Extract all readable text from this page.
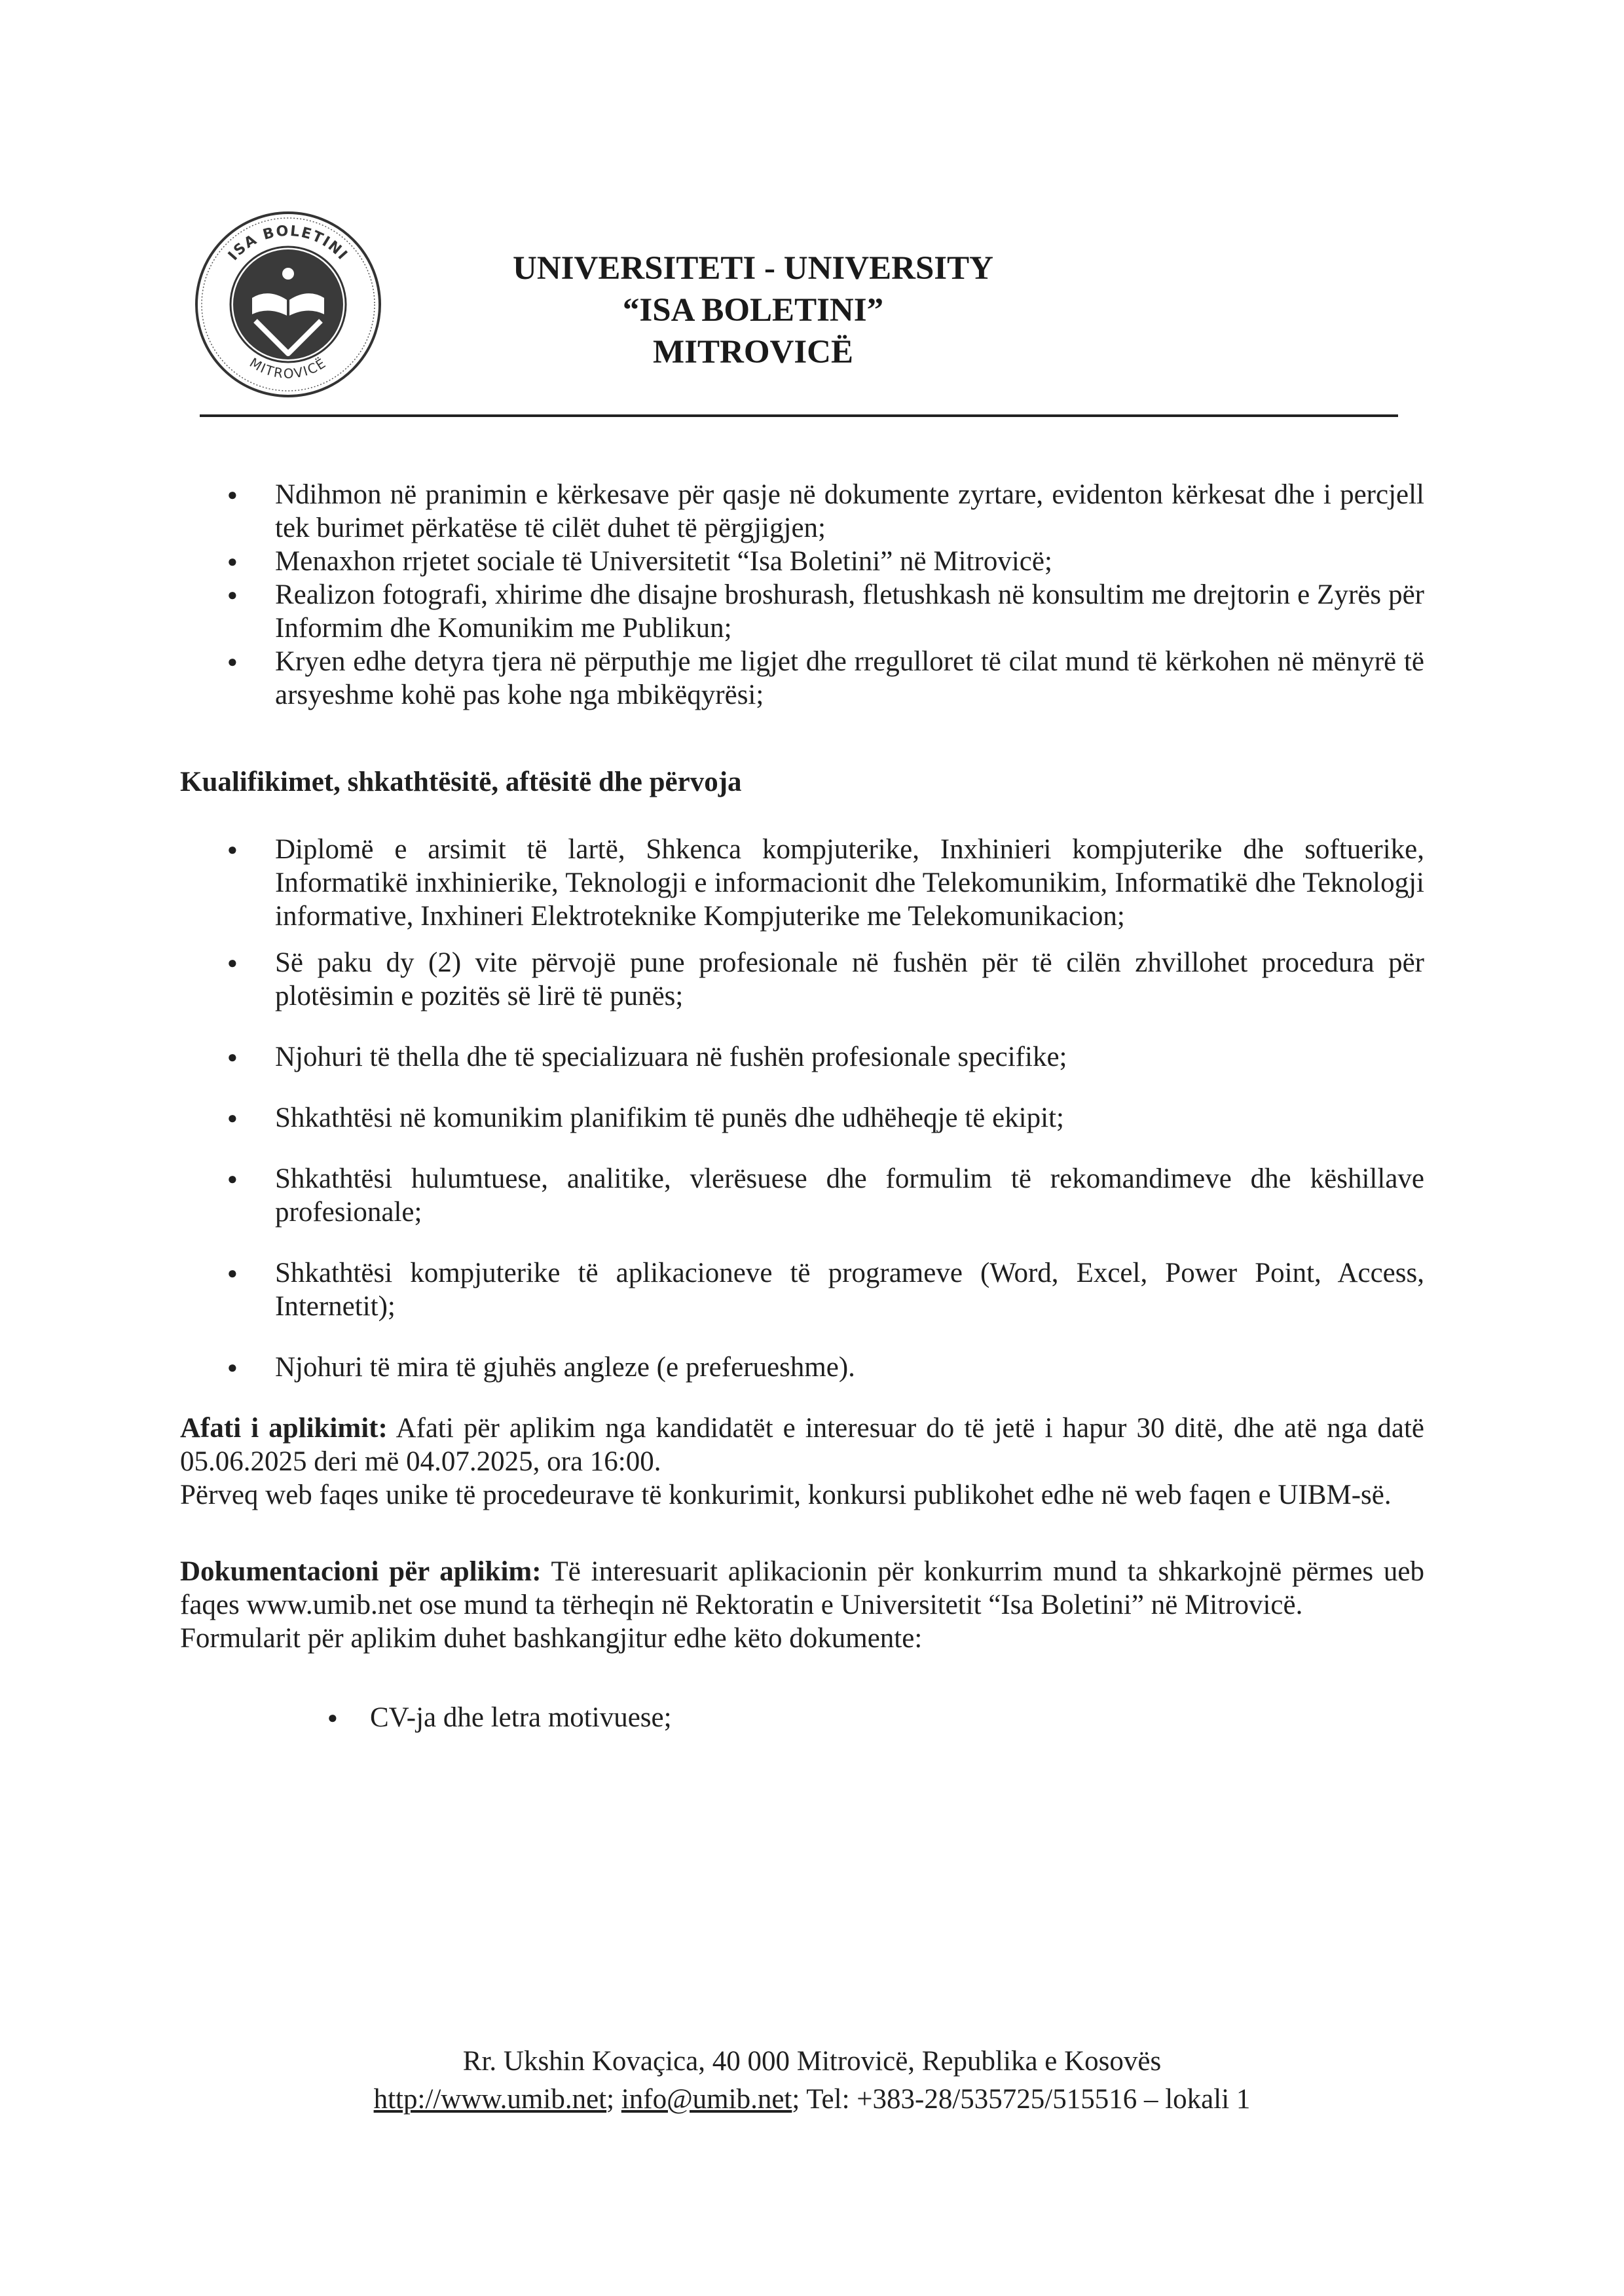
ISA BOLETINI
MITROVICË
UNIVERSITETI - UNIVERSITY
“ISA BOLETINI”
MITROVICË
● Ndihmon në pranimin e kërkesave për qasje në dokumente zyrtare, evidenton kërkesat dhe i percjell tek burimet përkatëse të cilët duhet të përgjigjen;
● Menaxhon rrjetet sociale të Universitetit “Isa Boletini” në Mitrovicë;
● Realizon fotografi, xhirime dhe disajne broshurash, fletushkash në konsultim me drejtorin e Zyrës për Informim dhe Komunikim me Publikun;
● Kryen edhe detyra tjera në përputhje me ligjet dhe rregulloret të cilat mund të kërkohen në mënyrë të arsyeshme kohë pas kohe nga mbikëqyrësi;
Kualifikimet, shkathtësitë, aftësitë dhe përvoja
● Diplomë e arsimit të lartë, Shkenca kompjuterike, Inxhinieri kompjuterike dhe softuerike, Informatikë inxhinierike, Teknologji e informacionit dhe Telekomunikim, Informatikë dhe Teknologji informative, Inxhineri Elektroteknike Kompjuterike me Telekomunikacion;
● Së paku dy (2) vite përvojë pune profesionale në fushën për të cilën zhvillohet procedura për plotësimin e pozitës së lirë të punës;
● Njohuri të thella dhe të specializuara në fushën profesionale specifike;
● Shkathtësi në komunikim planifikim të punës dhe udhëheqje të ekipit;
● Shkathtësi hulumtuese, analitike, vlerësuese dhe formulim të rekomandimeve dhe këshillave profesionale;
● Shkathtësi kompjuterike të aplikacioneve të programeve (Word, Excel, Power Point, Access, Internetit);
● Njohuri të mira të gjuhës angleze (e preferueshme).

Afati i aplikimit: Afati për aplikim nga kandidatët e interesuar do të jetë i hapur 30 ditë, dhe atë nga datë 05.06.2025 deri më 04.07.2025, ora 16:00.

Përveq web faqes unike të procedeurave të konkurimit, konkursi publikohet edhe në web faqen e UIBM-së.

Dokumentacioni për aplikim: Të interesuarit aplikacionin për konkurrim mund ta shkarkojnë përmes ueb faqes www.umib.net ose mund ta tërheqin në Rektoratin e Universitetit “Isa Boletini” në Mitrovicë.

Formularit për aplikim duhet bashkangjitur edhe këto dokumente:

● CV-ja dhe letra motivuese;
Rr. Ukshin Kovaçica, 40 000 Mitrovicë, Republika e Kosovës
http://www.umib.net; info@umib.net; Tel: +383-28/535725/515516 – lokali 1
